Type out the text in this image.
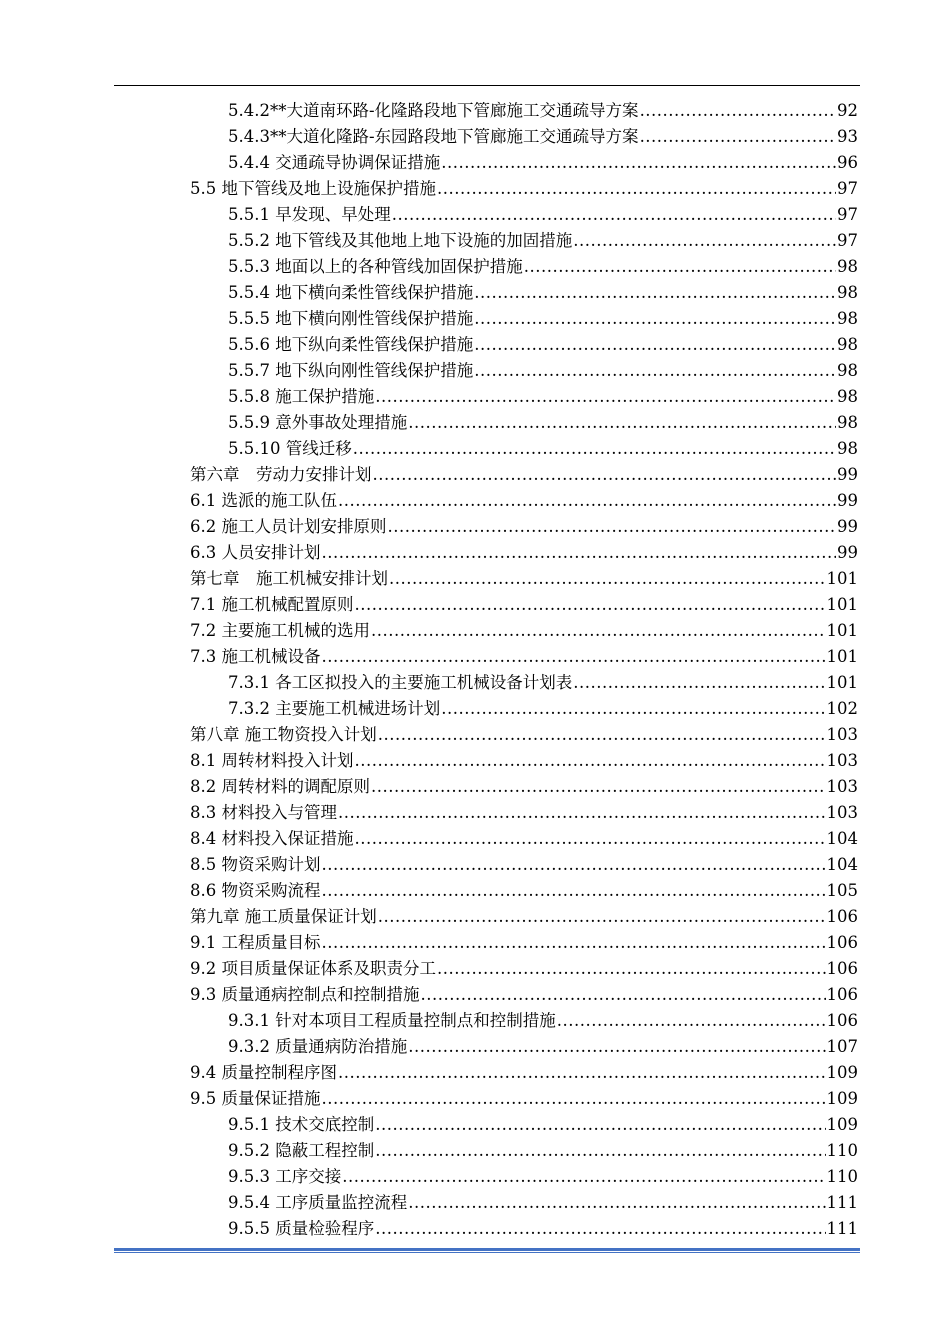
5.4.2**大道南环路-化隆路段地下管廊施工交通疏导方案 .....	92
5.4.3**大道化隆路-东园路段地下管廊施工交通疏导方案 .....	93
5.4.4 交通疏导协调保证措施 .....	96
5.5 地下管线及地上设施保护措施 .....	97
5.5.1 早发现、早处理 .....	97
5.5.2 地下管线及其他地上地下设施的加固措施 .....	97
5.5.3 地面以上的各种管线加固保护措施 .....	98
5.5.4 地下横向柔性管线保护措施 .....	98
5.5.5 地下横向刚性管线保护措施 .....	98
5.5.6 地下纵向柔性管线保护措施 .....	98
5.5.7 地下纵向刚性管线保护措施 .....	98
5.5.8 施工保护措施 .....	98
5.5.9 意外事故处理措施 .....	98
5.5.10 管线迁移 .....	98
第六章　劳动力安排计划 .....	99
6.1 选派的施工队伍 .....	99
6.2 施工人员计划安排原则 .....	99
6.3 人员安排计划 .....	99
第七章　施工机械安排计划 .....	101
7.1 施工机械配置原则 .....	101
7.2 主要施工机械的选用 .....	101
7.3 施工机械设备 .....	101
7.3.1 各工区拟投入的主要施工机械设备计划表 .....	101
7.3.2 主要施工机械进场计划 .....	102
第八章 施工物资投入计划 .....	103
8.1 周转材料投入计划 .....	103
8.2 周转材料的调配原则 .....	103
8.3 材料投入与管理 .....	103
8.4 材料投入保证措施 .....	104
8.5 物资采购计划 .....	104
8.6 物资采购流程 .....	105
第九章 施工质量保证计划 .....	106
9.1 工程质量目标 .....	106
9.2 项目质量保证体系及职责分工 .....	106
9.3 质量通病控制点和控制措施 .....	106
9.3.1 针对本项目工程质量控制点和控制措施 .....	106
9.3.2 质量通病防治措施 .....	107
9.4 质量控制程序图 .....	109
9.5 质量保证措施 .....	109
9.5.1 技术交底控制 .....	109
9.5.2 隐蔽工程控制 .....	110
9.5.3 工序交接 .....	110
9.5.4 工序质量监控流程 .....	111
9.5.5 质量检验程序 .....	111
